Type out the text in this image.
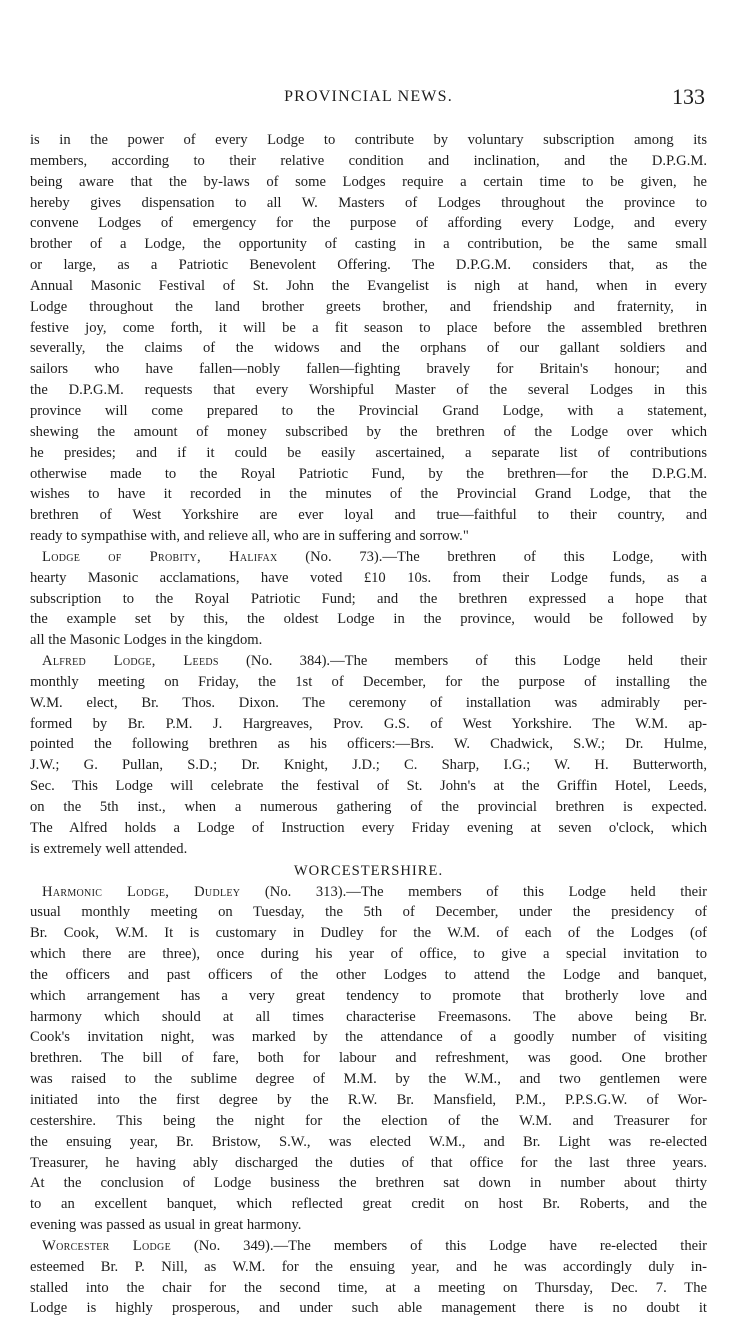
PROVINCIAL NEWS.	133
is in the power of every Lodge to contribute by voluntary subscription among its
members, according to their relative condition and inclination, and the D.P.G.M.
being aware that the by-laws of some Lodges require a certain time to be given, he
hereby gives dispensation to all W. Masters of Lodges throughout the province to
convene Lodges of emergency for the purpose of affording every Lodge, and every
brother of a Lodge, the opportunity of casting in a contribution, be the same small
or large, as a Patriotic Benevolent Offering. The D.P.G.M. considers that, as the
Annual Masonic Festival of St. John the Evangelist is nigh at hand, when in every
Lodge throughout the land brother greets brother, and friendship and fraternity, in
festive joy, come forth, it will be a fit season to place before the assembled brethren
severally, the claims of the widows and the orphans of our gallant soldiers and
sailors who have fallen—nobly fallen—fighting bravely for Britain's honour; and
the D.P.G.M. requests that every Worshipful Master of the several Lodges in this
province will come prepared to the Provincial Grand Lodge, with a statement,
shewing the amount of money subscribed by the brethren of the Lodge over which
he presides; and if it could be easily ascertained, a separate list of contributions
otherwise made to the Royal Patriotic Fund, by the brethren—for the D.P.G.M.
wishes to have it recorded in the minutes of the Provincial Grand Lodge, that the
brethren of West Yorkshire are ever loyal and true—faithful to their country, and
ready to sympathise with, and relieve all, who are in suffering and sorrow."
Lodge of Probity, Halifax (No. 73).—The brethren of this Lodge, with
hearty Masonic acclamations, have voted £10 10s. from their Lodge funds, as a
subscription to the Royal Patriotic Fund; and the brethren expressed a hope that
the example set by this, the oldest Lodge in the province, would be followed by
all the Masonic Lodges in the kingdom.
Alfred Lodge, Leeds (No. 384).—The members of this Lodge held their
monthly meeting on Friday, the 1st of December, for the purpose of installing the
W.M. elect, Br. Thos. Dixon. The ceremony of installation was admirably per-
formed by Br. P.M. J. Hargreaves, Prov. G.S. of West Yorkshire. The W.M. ap-
pointed the following brethren as his officers:—Brs. W. Chadwick, S.W.; Dr. Hulme,
J.W.; G. Pullan, S.D.; Dr. Knight, J.D.; C. Sharp, I.G.; W. H. Butterworth,
Sec. This Lodge will celebrate the festival of St. John's at the Griffin Hotel, Leeds,
on the 5th inst., when a numerous gathering of the provincial brethren is expected.
The Alfred holds a Lodge of Instruction every Friday evening at seven o'clock, which
is extremely well attended.
WORCESTERSHIRE.
Harmonic Lodge, Dudley (No. 313).—The members of this Lodge held their
usual monthly meeting on Tuesday, the 5th of December, under the presidency of
Br. Cook, W.M. It is customary in Dudley for the W.M. of each of the Lodges (of
which there are three), once during his year of office, to give a special invitation to
the officers and past officers of the other Lodges to attend the Lodge and banquet,
which arrangement has a very great tendency to promote that brotherly love and
harmony which should at all times characterise Freemasons. The above being Br.
Cook's invitation night, was marked by the attendance of a goodly number of visiting
brethren. The bill of fare, both for labour and refreshment, was good. One brother
was raised to the sublime degree of M.M. by the W.M., and two gentlemen were
initiated into the first degree by the R.W. Br. Mansfield, P.M., P.P.S.G.W. of Wor-
cestershire. This being the night for the election of the W.M. and Treasurer for
the ensuing year, Br. Bristow, S.W., was elected W.M., and Br. Light was re-elected
Treasurer, he having ably discharged the duties of that office for the last three years.
At the conclusion of Lodge business the brethren sat down in number about thirty
to an excellent banquet, which reflected great credit on host Br. Roberts, and the
evening was passed as usual in great harmony.
Worcester Lodge (No. 349).—The members of this Lodge have re-elected their
esteemed Br. P. Nill, as W.M. for the ensuing year, and he was accordingly duly in-
stalled into the chair for the second time, at a meeting on Thursday, Dec. 7. The
Lodge is highly prosperous, and under such able management there is no doubt it
